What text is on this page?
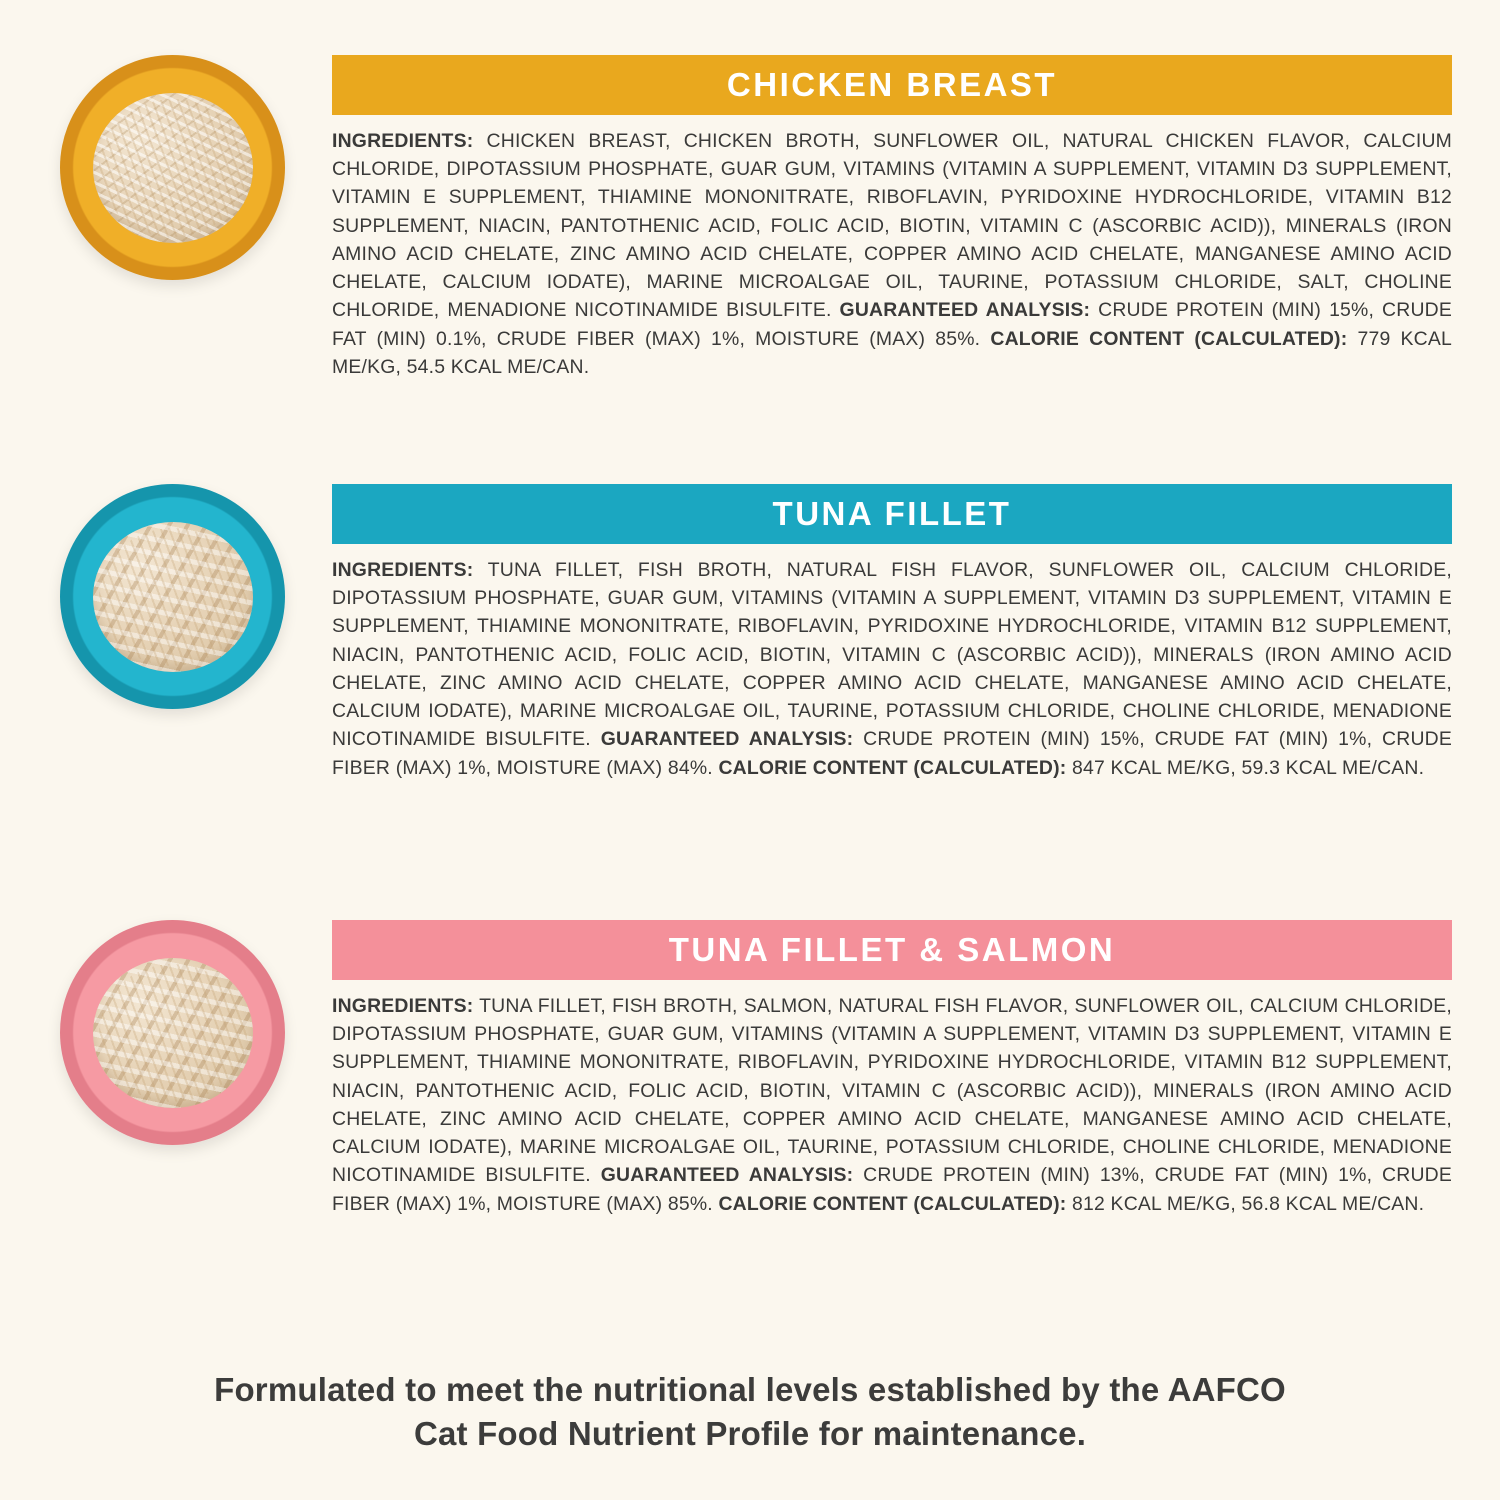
CHICKEN BREAST

INGREDIENTS: CHICKEN BREAST, CHICKEN BROTH, SUNFLOWER OIL, NATURAL CHICKEN FLAVOR, CALCIUM CHLORIDE, DIPOTASSIUM PHOSPHATE, GUAR GUM, VITAMINS (VITAMIN A SUPPLEMENT, VITAMIN D3 SUPPLEMENT, VITAMIN E SUPPLEMENT, THIAMINE MONONITRATE, RIBOFLAVIN, PYRIDOXINE HYDROCHLORIDE, VITAMIN B12 SUPPLEMENT, NIACIN, PANTOTHENIC ACID, FOLIC ACID, BIOTIN, VITAMIN C (ASCORBIC ACID)), MINERALS (IRON AMINO ACID CHELATE, ZINC AMINO ACID CHELATE, COPPER AMINO ACID CHELATE, MANGANESE AMINO ACID CHELATE, CALCIUM IODATE), MARINE MICROALGAE OIL, TAURINE, POTASSIUM CHLORIDE, SALT, CHOLINE CHLORIDE, MENADIONE NICOTINAMIDE BISULFITE. GUARANTEED ANALYSIS: CRUDE PROTEIN (MIN) 15%, CRUDE FAT (MIN) 0.1%, CRUDE FIBER (MAX) 1%, MOISTURE (MAX) 85%. CALORIE CONTENT (CALCULATED): 779 KCAL ME/KG, 54.5 KCAL ME/CAN.

TUNA FILLET

INGREDIENTS: TUNA FILLET, FISH BROTH, NATURAL FISH FLAVOR, SUNFLOWER OIL, CALCIUM CHLORIDE, DIPOTASSIUM PHOSPHATE, GUAR GUM, VITAMINS (VITAMIN A SUPPLEMENT, VITAMIN D3 SUPPLEMENT, VITAMIN E SUPPLEMENT, THIAMINE MONONITRATE, RIBOFLAVIN, PYRIDOXINE HYDROCHLORIDE, VITAMIN B12 SUPPLEMENT, NIACIN, PANTOTHENIC ACID, FOLIC ACID, BIOTIN, VITAMIN C (ASCORBIC ACID)), MINERALS (IRON AMINO ACID CHELATE, ZINC AMINO ACID CHELATE, COPPER AMINO ACID CHELATE, MANGANESE AMINO ACID CHELATE, CALCIUM IODATE), MARINE MICROALGAE OIL, TAURINE, POTASSIUM CHLORIDE, CHOLINE CHLORIDE, MENADIONE NICOTINAMIDE BISULFITE. GUARANTEED ANALYSIS: CRUDE PROTEIN (MIN) 15%, CRUDE FAT (MIN) 1%, CRUDE FIBER (MAX) 1%, MOISTURE (MAX) 84%. CALORIE CONTENT (CALCULATED): 847 KCAL ME/KG, 59.3 KCAL ME/CAN.

TUNA FILLET & SALMON

INGREDIENTS: TUNA FILLET, FISH BROTH, SALMON, NATURAL FISH FLAVOR, SUNFLOWER OIL, CALCIUM CHLORIDE, DIPOTASSIUM PHOSPHATE, GUAR GUM, VITAMINS (VITAMIN A SUPPLEMENT, VITAMIN D3 SUPPLEMENT, VITAMIN E SUPPLEMENT, THIAMINE MONONITRATE, RIBOFLAVIN, PYRIDOXINE HYDROCHLORIDE, VITAMIN B12 SUPPLEMENT, NIACIN, PANTOTHENIC ACID, FOLIC ACID, BIOTIN, VITAMIN C (ASCORBIC ACID)), MINERALS (IRON AMINO ACID CHELATE, ZINC AMINO ACID CHELATE, COPPER AMINO ACID CHELATE, MANGANESE AMINO ACID CHELATE, CALCIUM IODATE), MARINE MICROALGAE OIL, TAURINE, POTASSIUM CHLORIDE, CHOLINE CHLORIDE, MENADIONE NICOTINAMIDE BISULFITE. GUARANTEED ANALYSIS: CRUDE PROTEIN (MIN) 13%, CRUDE FAT (MIN) 1%, CRUDE FIBER (MAX) 1%, MOISTURE (MAX) 85%. CALORIE CONTENT (CALCULATED): 812 KCAL ME/KG, 56.8 KCAL ME/CAN.

Formulated to meet the nutritional levels established by the AAFCO

Cat Food Nutrient Profile for maintenance.
